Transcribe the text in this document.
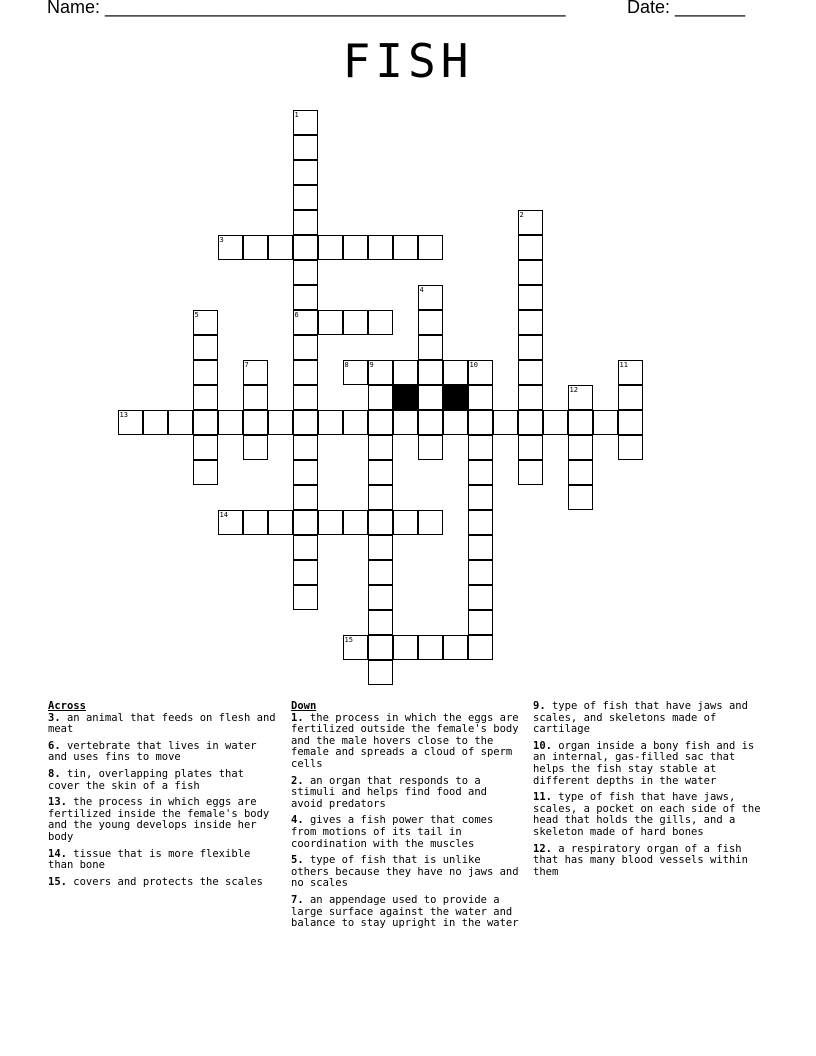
Name: ______________________________________________	Date: _______
FISH
1
2
3
4
5	6
7	8	9	10	11
12
13
14
15
Across
3. an animal that feeds on flesh and meat
6. vertebrate that lives in water and uses fins to move
8. tin, overlapping plates that cover the skin of a fish
13. the process in which eggs are fertilized inside the female's body and the young develops inside her body
14. tissue that is more flexible than bone
15. covers and protects the scales
Down
1. the process in which the eggs are fertilized outside the female's body and the male hovers close to the female and spreads a cloud of sperm cells
2. an organ that responds to a stimuli and helps find food and avoid predators
4. gives a fish power that comes from motions of its tail in coordination with the muscles
5. type of fish that is unlike others because they have no jaws and no scales
7. an appendage used to provide a large surface against the water and balance to stay upright in the water
9. type of fish that have jaws and scales, and skeletons made of cartilage
10. organ inside a bony fish and is an internal, gas-filled sac that helps the fish stay stable at different depths in the water
11. type of fish that have jaws, scales, a pocket on each side of the head that holds the gills, and a skeleton made of hard bones
12. a respiratory organ of a fish that has many blood vessels within them
